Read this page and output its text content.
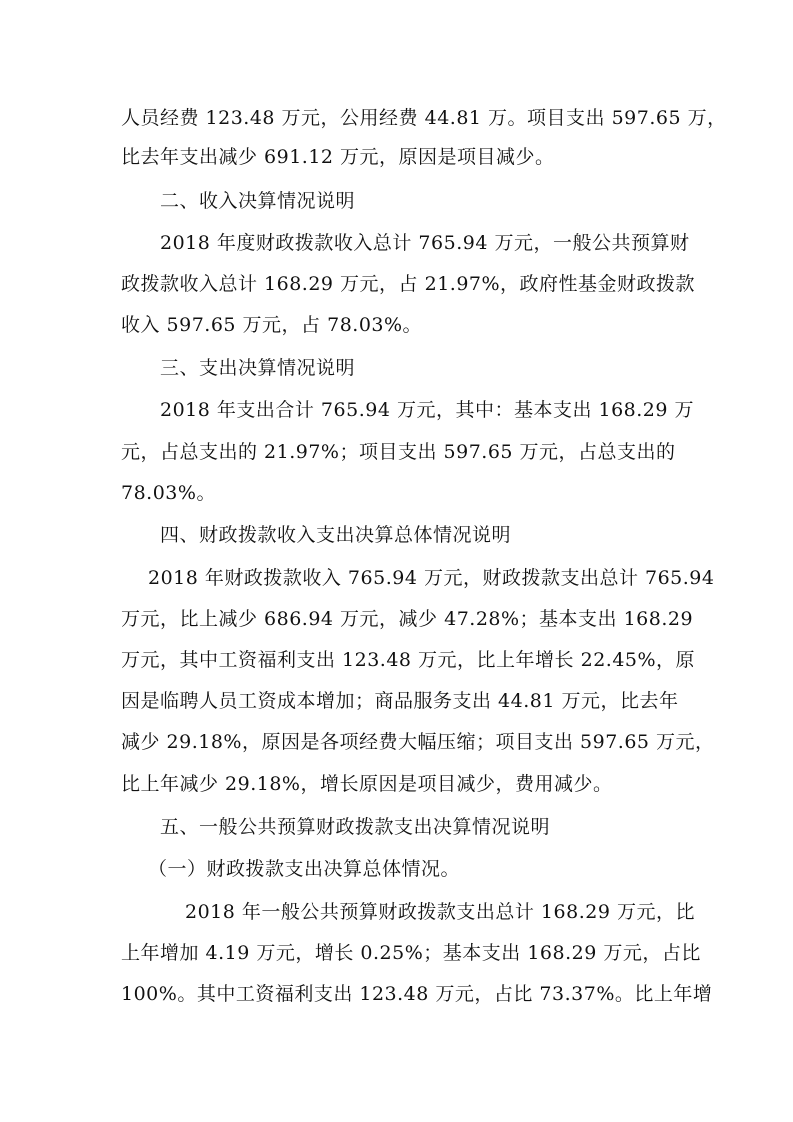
人员经费 123.48 万元，公用经费 44.81 万。项目支出 597.65 万，
比去年支出减少 691.12 万元，原因是项目减少。
二、收入决算情况说明
2018 年度财政拨款收入总计 765.94 万元，一般公共预算财
政拨款收入总计 168.29 万元，占 21.97%，政府性基金财政拨款
收入 597.65 万元，占 78.03%。
三、支出决算情况说明
2018 年支出合计 765.94 万元，其中：基本支出 168.29 万
元，占总支出的 21.97%；项目支出 597.65 万元，占总支出的
78.03%。
四、财政拨款收入支出决算总体情况说明
2018 年财政拨款收入 765.94 万元，财政拨款支出总计 765.94
万元，比上减少 686.94 万元，减少 47.28%；基本支出 168.29
万元，其中工资福利支出 123.48 万元，比上年增长 22.45%，原
因是临聘人员工资成本增加；商品服务支出 44.81 万元，比去年
减少 29.18%，原因是各项经费大幅压缩；项目支出 597.65 万元，
比上年减少 29.18%，增长原因是项目减少，费用减少。
五、一般公共预算财政拨款支出决算情况说明
（一）财政拨款支出决算总体情况。
2018 年一般公共预算财政拨款支出总计 168.29 万元，比
上年增加 4.19 万元，增长 0.25%；基本支出 168.29 万元，占比
100%。其中工资福利支出 123.48 万元，占比 73.37%。比上年增
